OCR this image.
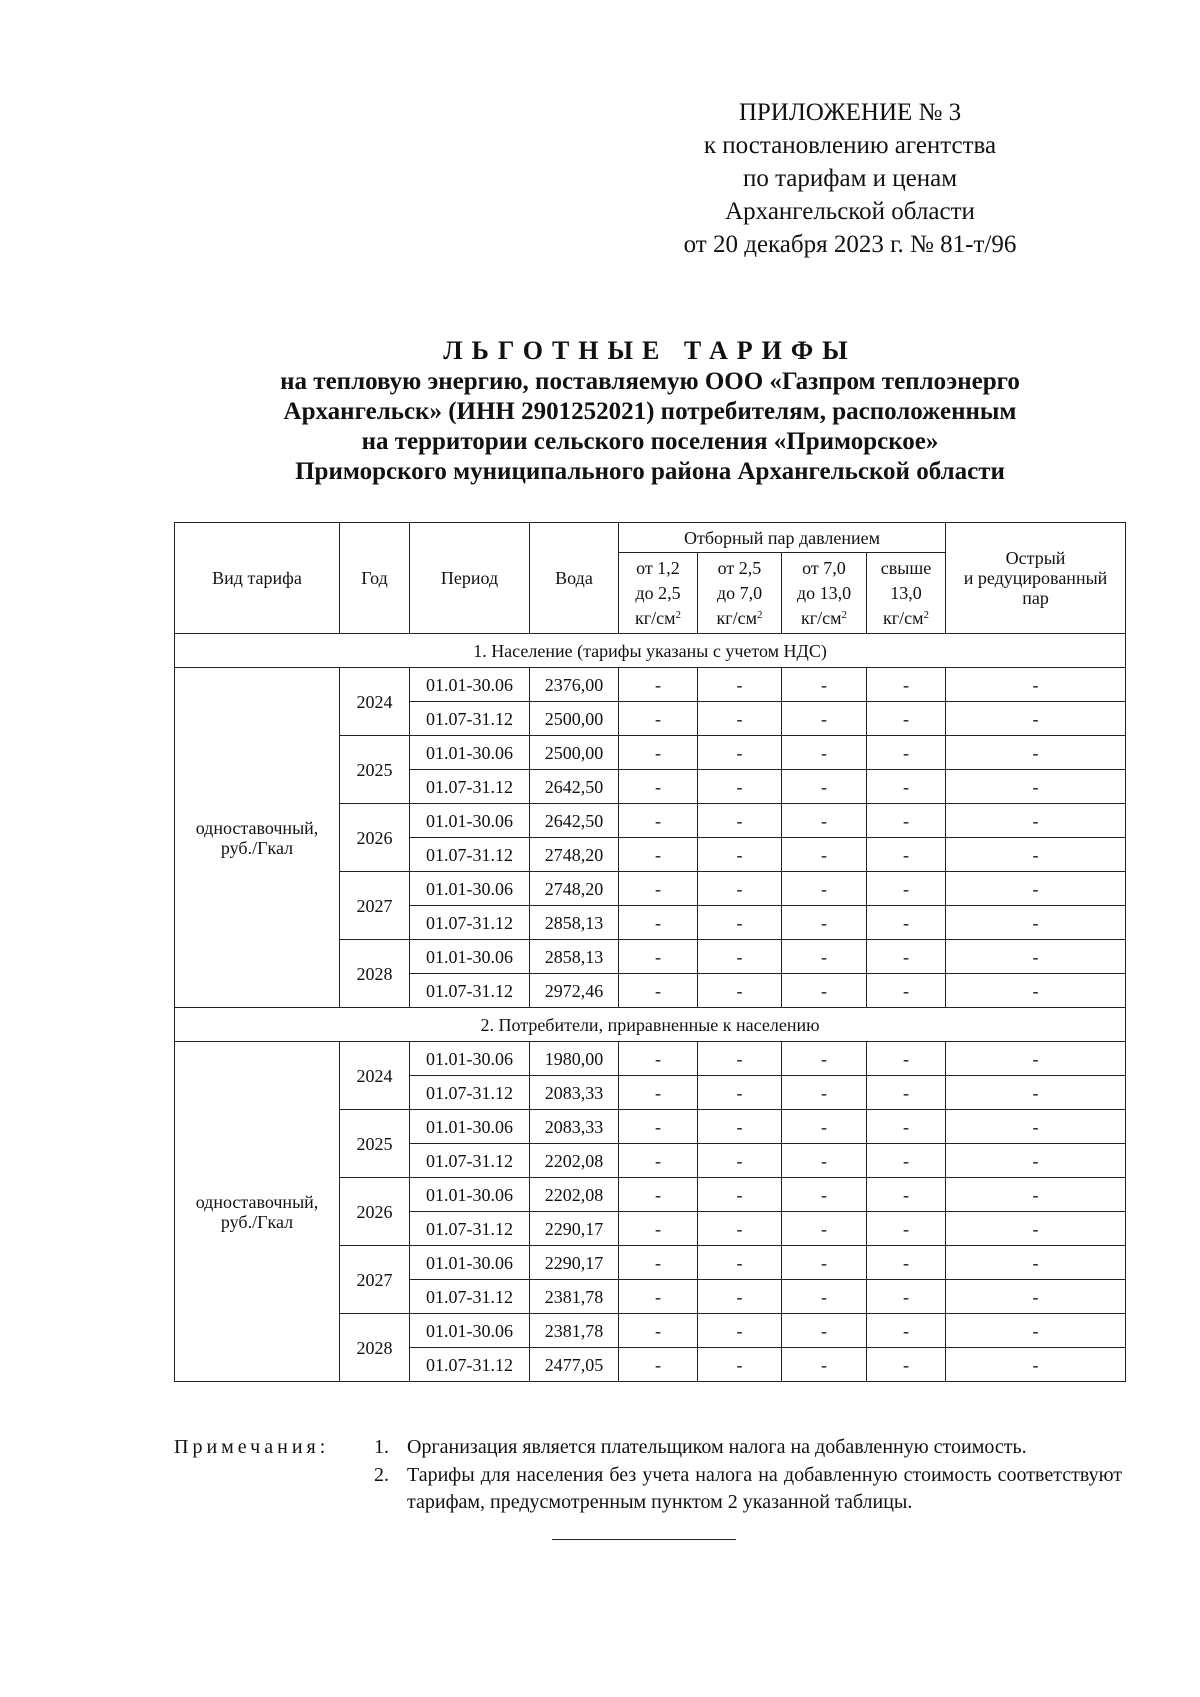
ПРИЛОЖЕНИЕ № 3
к постановлению агентства
по тарифам и ценам
Архангельской области
от 20 декабря 2023 г. № 81-т/96
ЛЬГОТНЫЕ ТАРИФЫ
на тепловую энергию, поставляемую ООО «Газпром теплоэнерго
Архангельск» (ИНН 2901252021) потребителям, расположенным
на территории сельского поселения «Приморское»
Приморского муниципального района Архангельской области
Вид тарифа	Год	Период	Вода	Отборный пар давлением				Острый
и редуцированный
пар
				от 1,2
до 2,5
$кг/см^2$	от 2,5
до 7,0
$кг/см^2$	от 7,0
до 13,0
$кг/см^2$	свыше
13,0
$кг/см^2$
1. Население (тарифы указаны с учетом НДС)								
одноставочный,
руб./Гкал	2024	01.01-30.06	2376,00	-	-	-	-	-
		01.07-31.12	2500,00	-	-	-	-	-
	2025	01.01-30.06	2500,00	-	-	-	-	-
		01.07-31.12	2642,50	-	-	-	-	-
	2026	01.01-30.06	2642,50	-	-	-	-	-
		01.07-31.12	2748,20	-	-	-	-	-
	2027	01.01-30.06	2748,20	-	-	-	-	-
		01.07-31.12	2858,13	-	-	-	-	-
	2028	01.01-30.06	2858,13	-	-	-	-	-
		01.07-31.12	2972,46	-	-	-	-	-
2. Потребители, приравненные к населению								
одноставочный,
руб./Гкал	2024	01.01-30.06	1980,00	-	-	-	-	-
		01.07-31.12	2083,33	-	-	-	-	-
	2025	01.01-30.06	2083,33	-	-	-	-	-
		01.07-31.12	2202,08	-	-	-	-	-
	2026	01.01-30.06	2202,08	-	-	-	-	-
		01.07-31.12	2290,17	-	-	-	-	-
	2027	01.01-30.06	2290,17	-	-	-	-	-
		01.07-31.12	2381,78	-	-	-	-	-
	2028	01.01-30.06	2381,78	-	-	-	-	-
		01.07-31.12	2477,05	-	-	-	-	-
Примечания: 1. Организация является плательщиком налога на добавленную стоимость.
2. Тарифы для населения без учета налога на добавленную стоимость соответствуют тарифам, предусмотренным пунктом 2 указанной таблицы.
